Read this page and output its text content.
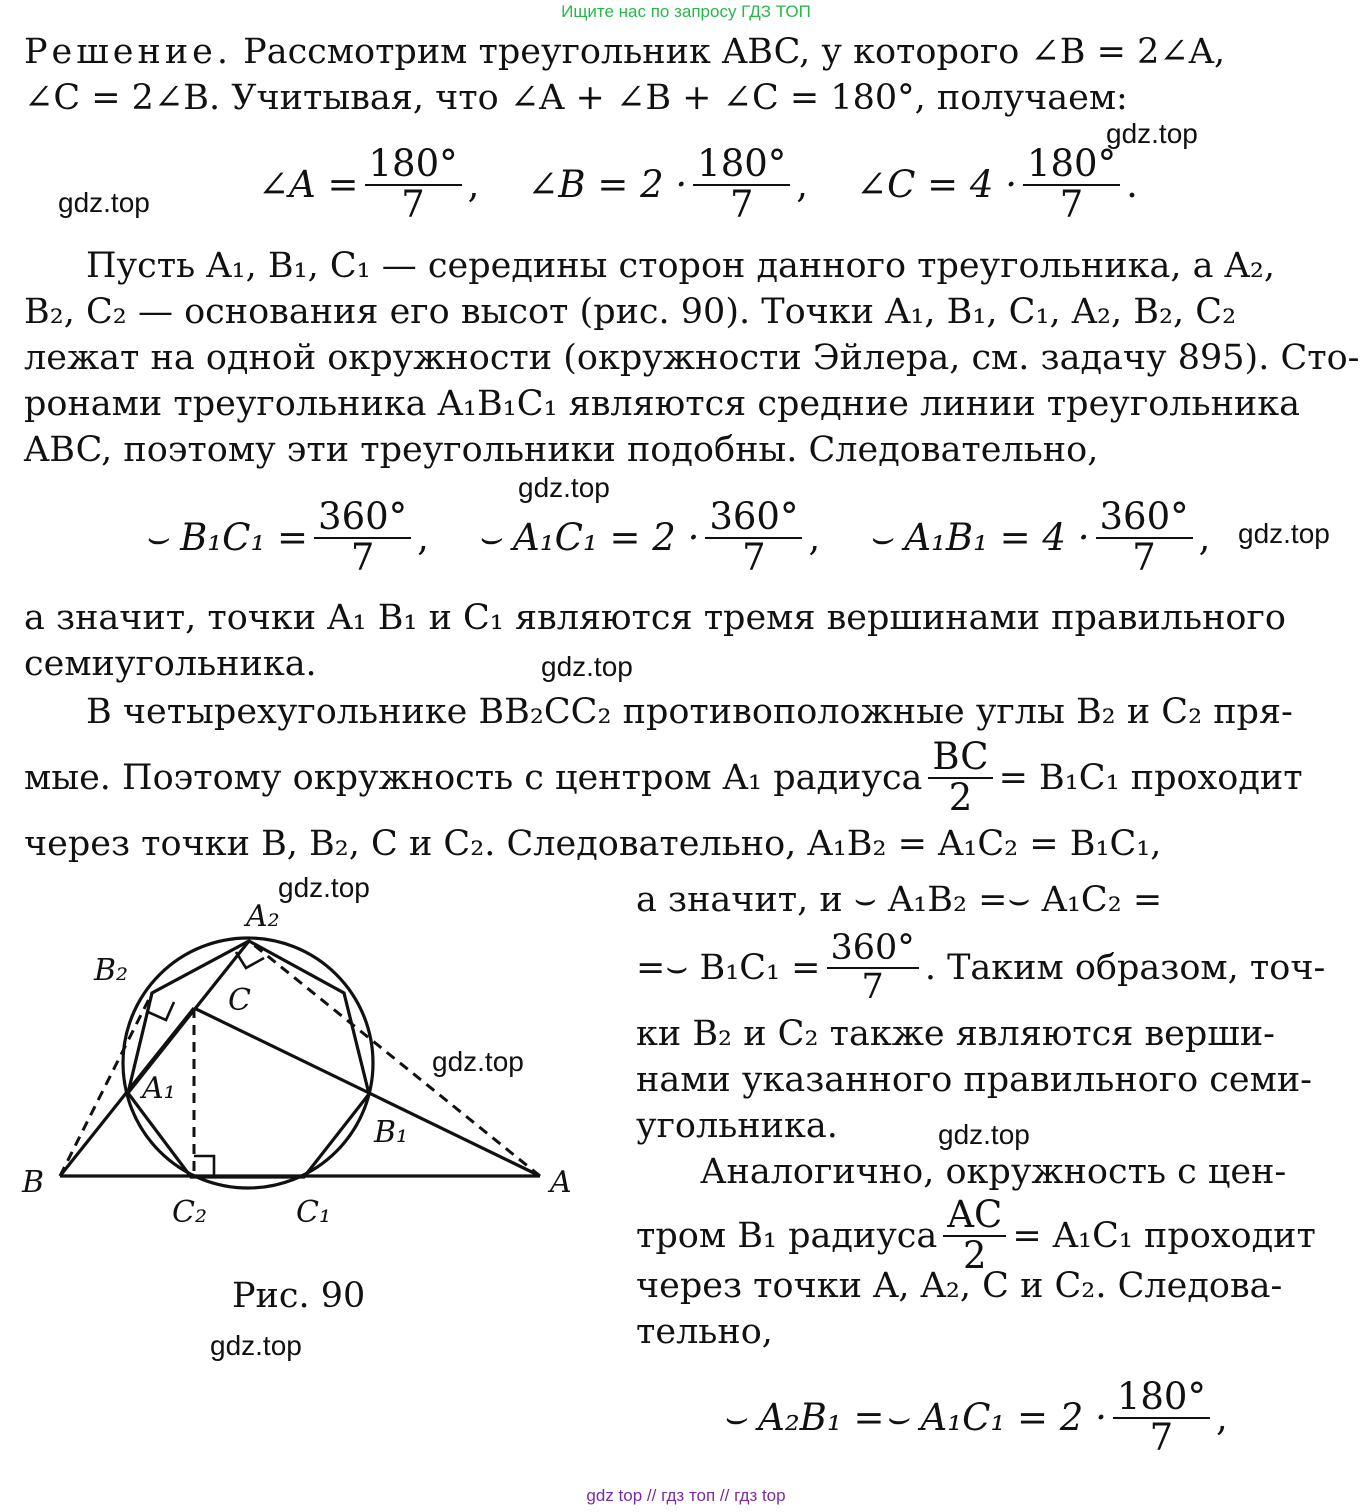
Ищите нас по запросу ГДЗ ТОП
gdz.top
gdz.top
gdz.top
gdz.top
gdz.top
gdz.top
gdz.top
gdz.top
gdz.top
Решение. Рассмотрим треугольник ABC, у которого ∠B = 2∠A,
∠C = 2∠B. Учитывая, что ∠A + ∠B + ∠C = 180°, получаем:
∠A = $\frac{180^\circ}{7}$ , ∠B = $2 \cdot \frac{180^\circ}{7}$ , ∠C = $4 \cdot \frac{180^\circ}{7}$ .
Пусть A₁, B₁, C₁ — середины сторон данного треугольника, а A₂,
B₂, C₂ — основания его высот (рис. 90). Точки A₁, B₁, C₁, A₂, B₂, C₂
лежат на одной окружности (окружности Эйлера, см. задачу 895). Сто-
ронами треугольника A₁B₁C₁ являются средние линии треугольника
ABC, поэтому эти треугольники подобны. Следовательно,
⌣ $B_1C_1 = \frac{360^\circ}{7}$ , ⌣ $A_1C_1 = 2 \cdot \frac{360^\circ}{7}$ , ⌣ $A_1B_1 = 4 \cdot \frac{360^\circ}{7}$ ,
а значит, точки A₁ B₁ и C₁ являются тремя вершинами правильного
семиугольника.
В четырехугольнике BB₂CC₂ противоположные углы B₂ и C₂ пря-
мые. Поэтому окружность с центром A₁ радиуса $\frac{BC}{2} = B_1C_1$ проходит
через точки B, B₂, C и C₂. Следовательно, A₁B₂ = A₁C₂ = B₁C₁,
а значит, и ⌣ A₁B₂ =⌣ A₁C₂ =
=⌣ $B_1C_1 = \frac{360^\circ}{7}$ . Таким образом, точ-
ки B₂ и C₂ также являются верши-
нами указанного правильного семи-
угольника.
Аналогично, окружность с цен-
тром B₁ радиуса $\frac{AC}{2} = A_1C_1$ проходит
через точки A, A₂, C и C₂. Следова-
тельно,
⌣ A₂B₁ =⌣ $A_1C_1 = 2 \cdot \frac{180^\circ}{7}$ ,
B	A
C
A₁
B₁
C₁
A₂
B₂
C₂
Рис. 90
gdz top // гдз топ // гдз top
